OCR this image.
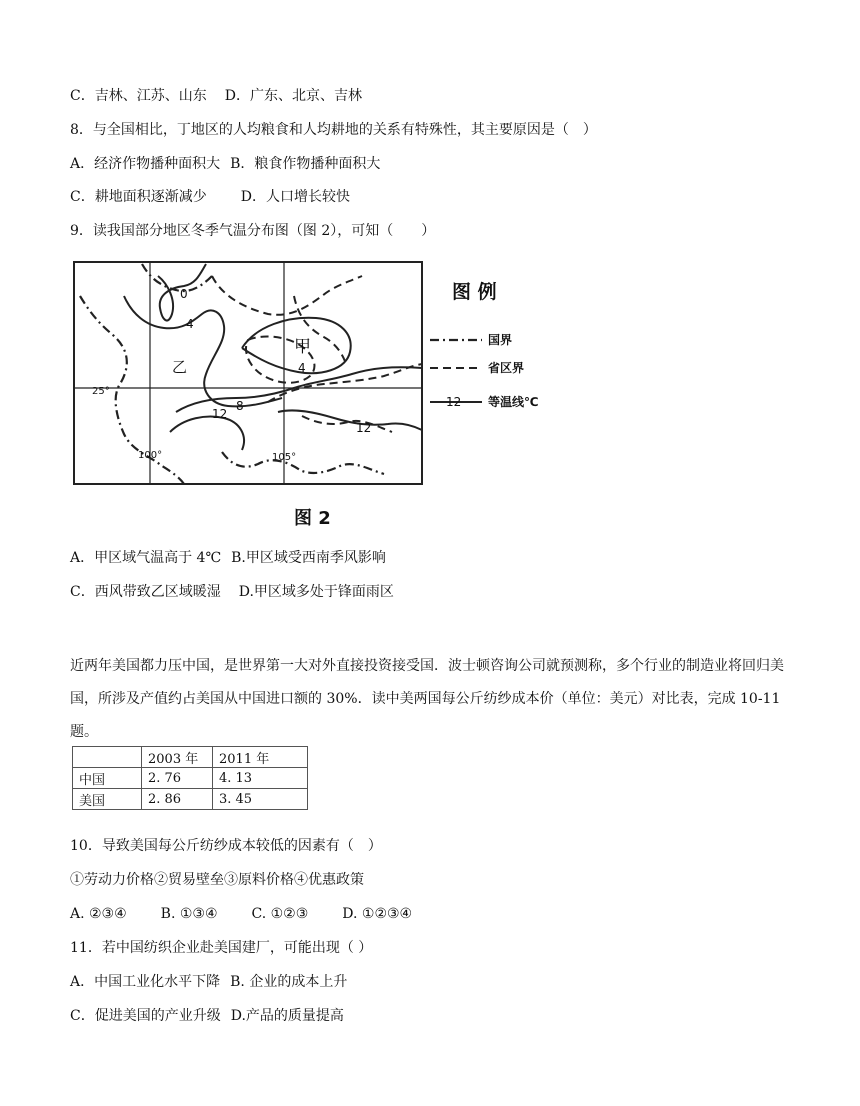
C．吉林、江苏、山东 D．广东、北京、吉林
8．与全国相比，丁地区的人均粮食和人均耕地的关系有特殊性，其主要原因是（　）
A．经济作物播种面积大 B．粮食作物播种面积大
C．耕地面积逐渐减少 D．人口增长较快
9．读我国部分地区冬季气温分布图（图 2），可知（　　）
甲
乙
0
4
4
8
12
12
25°
100°	105°
图 例
国界
省区界
12 等温线℃
图 2
A．甲区域气温高于 4℃ B.甲区域受西南季风影响
C．西风带致乙区域暖湿 D.甲区域多处于锋面雨区
近两年美国都力压中国，是世界第一大对外直接投资接受国．波士顿咨询公司就预测称，多个行业的制造业将回归美国，所涉及产值约占美国从中国进口额的 30%．读中美两国每公斤纺纱成本价（单位：美元）对比表，完成 10-11 题。
	2003 年	2011 年
中国	2. 76	4. 13
美国	2. 86	3. 45
10．导致美国每公斤纺纱成本较低的因素有（　）
①劳动力价格②贸易壁垒③原料价格④优惠政策
A. ②③④ B. ①③④ C. ①②③ D. ①②③④
11．若中国纺织企业赴美国建厂，可能出现（ ）
A．中国工业化水平下降 B. 企业的成本上升
C．促进美国的产业升级 D.产品的质量提高
